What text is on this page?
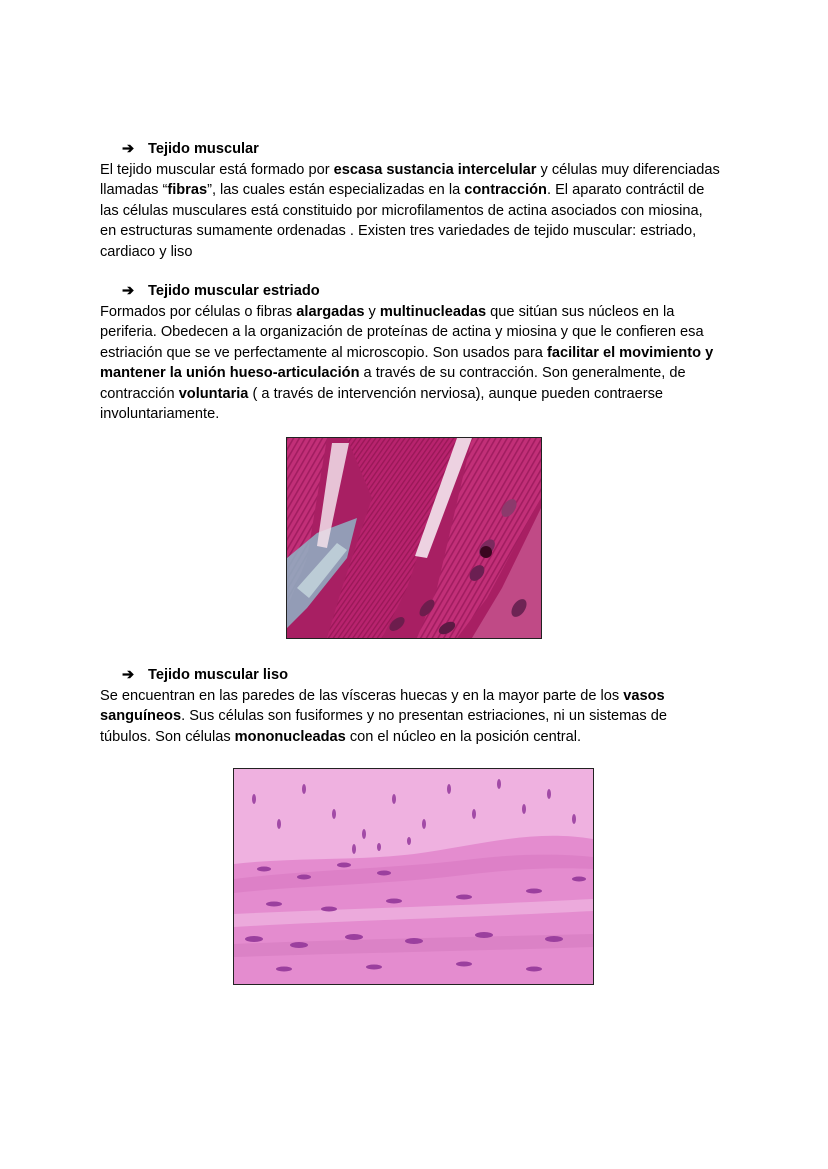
➔ Tejido muscular
El tejido muscular está formado por escasa sustancia intercelular y células muy diferenciadas llamadas “fibras”, las cuales están especializadas en la contracción. El aparato contráctil de las células musculares está constituido por microfilamentos de actina asociados con miosina, en estructuras sumamente ordenadas . Existen tres variedades de tejido muscular: estriado, cardiaco y liso
➔ Tejido muscular estriado
Formados por células o fibras alargadas y multinucleadas que sitúan sus núcleos en la periferia. Obedecen a la organización de proteínas de actina y miosina y que le confieren esa estriación que se ve perfectamente al microscopio. Son usados para facilitar el movimiento y mantener la unión hueso-articulación a través de su contracción. Son generalmente, de contracción voluntaria ( a través de intervención nerviosa), aunque pueden contraerse involuntariamente.
➔ Tejido muscular liso
Se encuentran en las paredes de las vísceras huecas y en la mayor parte de los vasos sanguíneos. Sus células son fusiformes y no presentan estriaciones, ni un sistemas de túbulos. Son células mononucleadas con el núcleo en la posición central.
